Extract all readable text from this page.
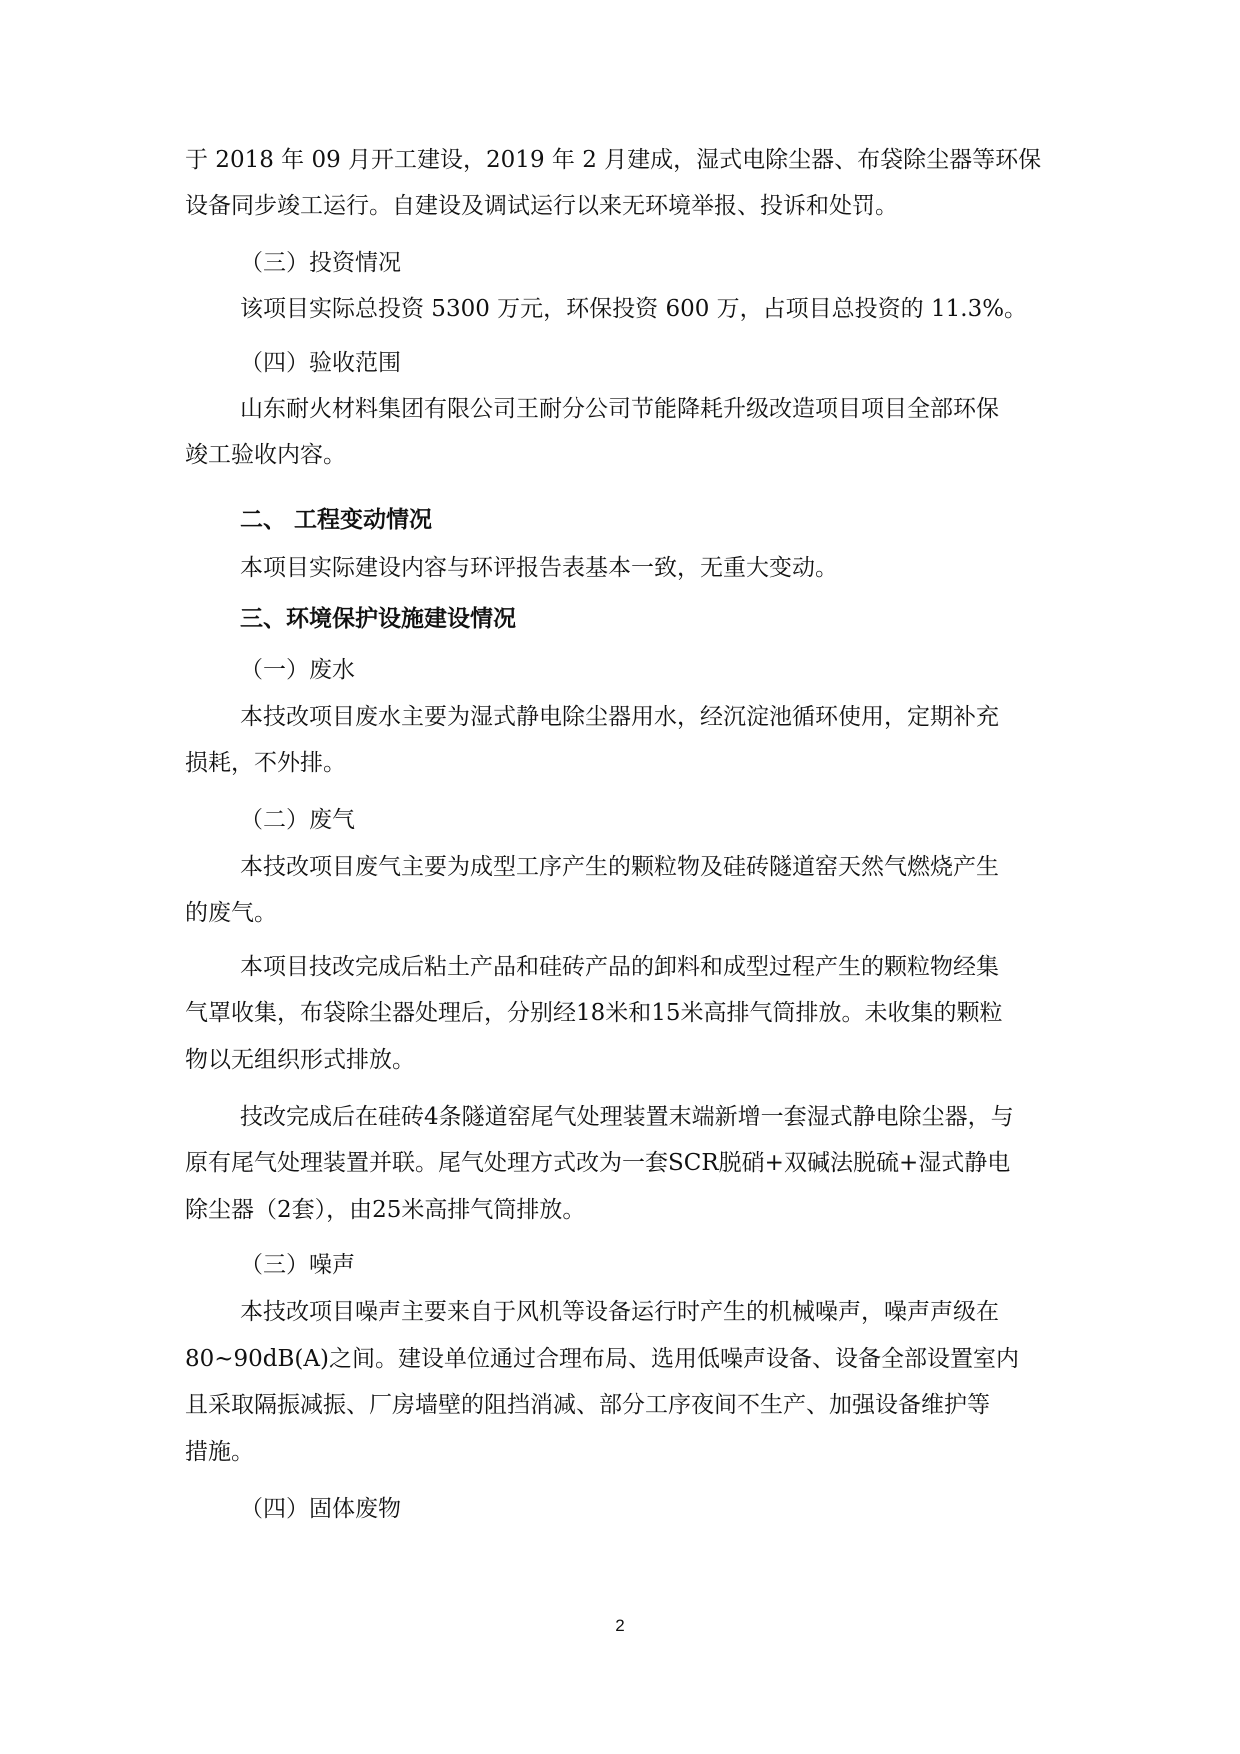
于 2018 年 09 月开工建设，2019 年 2 月建成，湿式电除尘器、布袋除尘器等环保
设备同步竣工运行。自建设及调试运行以来无环境举报、投诉和处罚。
（三）投资情况
该项目实际总投资 5300 万元，环保投资 600 万，占项目总投资的 11.3%。
（四）验收范围
山东耐火材料集团有限公司王耐分公司节能降耗升级改造项目项目全部环保
竣工验收内容。
二、 工程变动情况
本项目实际建设内容与环评报告表基本一致，无重大变动。
三、环境保护设施建设情况
（一）废水
本技改项目废水主要为湿式静电除尘器用水，经沉淀池循环使用，定期补充
损耗，不外排。
（二）废气
本技改项目废气主要为成型工序产生的颗粒物及硅砖隧道窑天然气燃烧产生
的废气。
本项目技改完成后粘土产品和硅砖产品的卸料和成型过程产生的颗粒物经集
气罩收集，布袋除尘器处理后，分别经18米和15米高排气筒排放。未收集的颗粒
物以无组织形式排放。
技改完成后在硅砖4条隧道窑尾气处理装置末端新增一套湿式静电除尘器，与
原有尾气处理装置并联。尾气处理方式改为一套SCR脱硝+双碱法脱硫+湿式静电
除尘器（2套），由25米高排气筒排放。
（三）噪声
本技改项目噪声主要来自于风机等设备运行时产生的机械噪声，噪声声级在
80~90dB(A)之间。建设单位通过合理布局、选用低噪声设备、设备全部设置室内
且采取隔振减振、厂房墙壁的阻挡消减、部分工序夜间不生产、加强设备维护等
措施。
（四）固体废物
2
